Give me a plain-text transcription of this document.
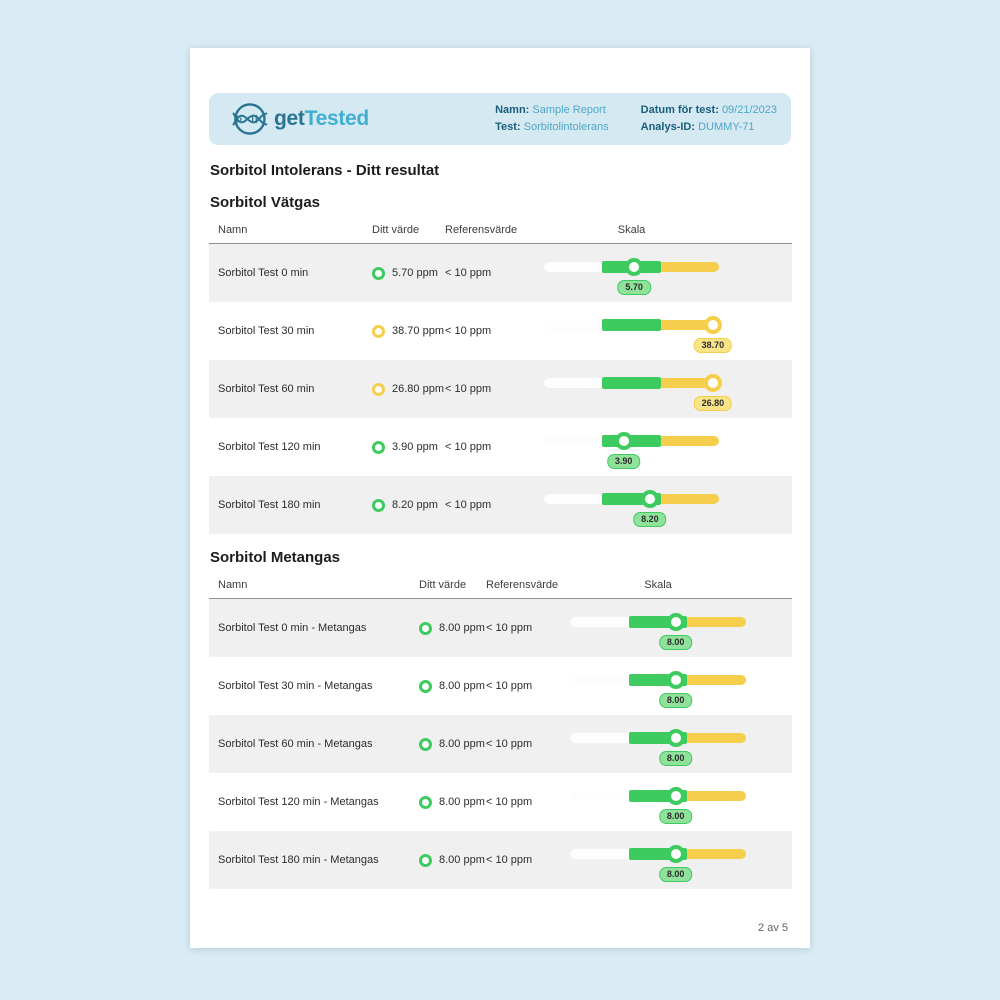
getTested	Namn: Sample Report
Test: Sorbitolintolerans
Datum för test: 09/21/2023
Analys-ID: DUMMY-71
Sorbitol Intolerans - Ditt resultat
Sorbitol Vätgas
Namn	Ditt värde	Referensvärde	Skala
Sorbitol Test 0 min	5.70 ppm < 10 ppm
5.70
Sorbitol Test 30 min	38.70 ppm < 10 ppm
38.70
Sorbitol Test 60 min	26.80 ppm < 10 ppm
26.80
Sorbitol Test 120 min	3.90 ppm < 10 ppm
3.90
Sorbitol Test 180 min	8.20 ppm < 10 ppm
8.20
Sorbitol Metangas
Namn	Ditt värde	Referensvärde	Skala
Sorbitol Test 0 min - Metangas	8.00 ppm < 10 ppm
8.00
Sorbitol Test 30 min - Metangas	8.00 ppm < 10 ppm
8.00
Sorbitol Test 60 min - Metangas	8.00 ppm < 10 ppm
8.00
Sorbitol Test 120 min - Metangas	8.00 ppm < 10 ppm
8.00
Sorbitol Test 180 min - Metangas	8.00 ppm < 10 ppm
8.00
2 av 5
